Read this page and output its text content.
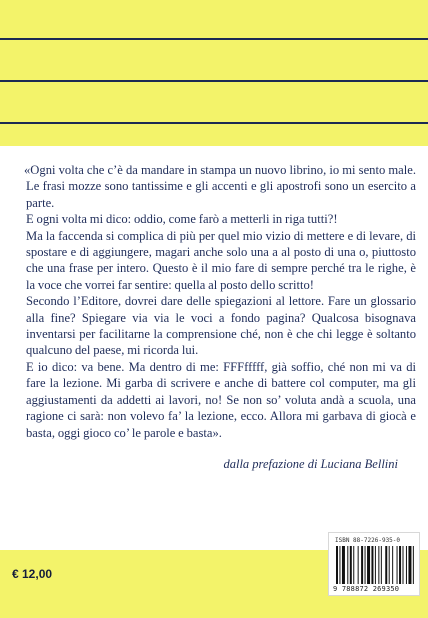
«Ogni volta che c’è da mandare in stampa un nuovo librino, io mi sento male. Le frasi mozze sono tantissime e gli accenti e gli apostrofi sono un esercito a parte.

E ogni volta mi dico: oddio, come farò a metterli in riga tutti?!

Ma la faccenda si complica di più per quel mio vizio di mettere e di levare, di spostare e di aggiungere, magari anche solo una a al posto di una o, piuttosto che una frase per intero. Questo è il mio fare di sempre perché tra le righe, è la voce che vorrei far sentire: quella al posto dello scritto!

Secondo l’Editore, dovrei dare delle spiegazioni al lettore. Fare un glossario alla fine? Spiegare via via le voci a fondo pagina? Qualcosa bisognava inventarsi per facilitarne la comprensione ché, non è che chi legge è soltanto qualcuno del paese, mi ricorda lui.

E io dico: va bene. Ma dentro di me: FFFfffff, già soffio, ché non mi va di fare la lezione. Mi garba di scrivere e anche di battere col computer, ma gli aggiustamenti da addetti ai lavori, no! Se non so’ voluta andà a scuola, una ragione ci sarà: non volevo fa’ la lezione, ecco. Allora mi garbava di giocà e basta, oggi gioco co’ le parole e basta».

dalla prefazione di Luciana Bellini
ISBN 88-7226-935-0
9 788872 269350
€ 12,00
